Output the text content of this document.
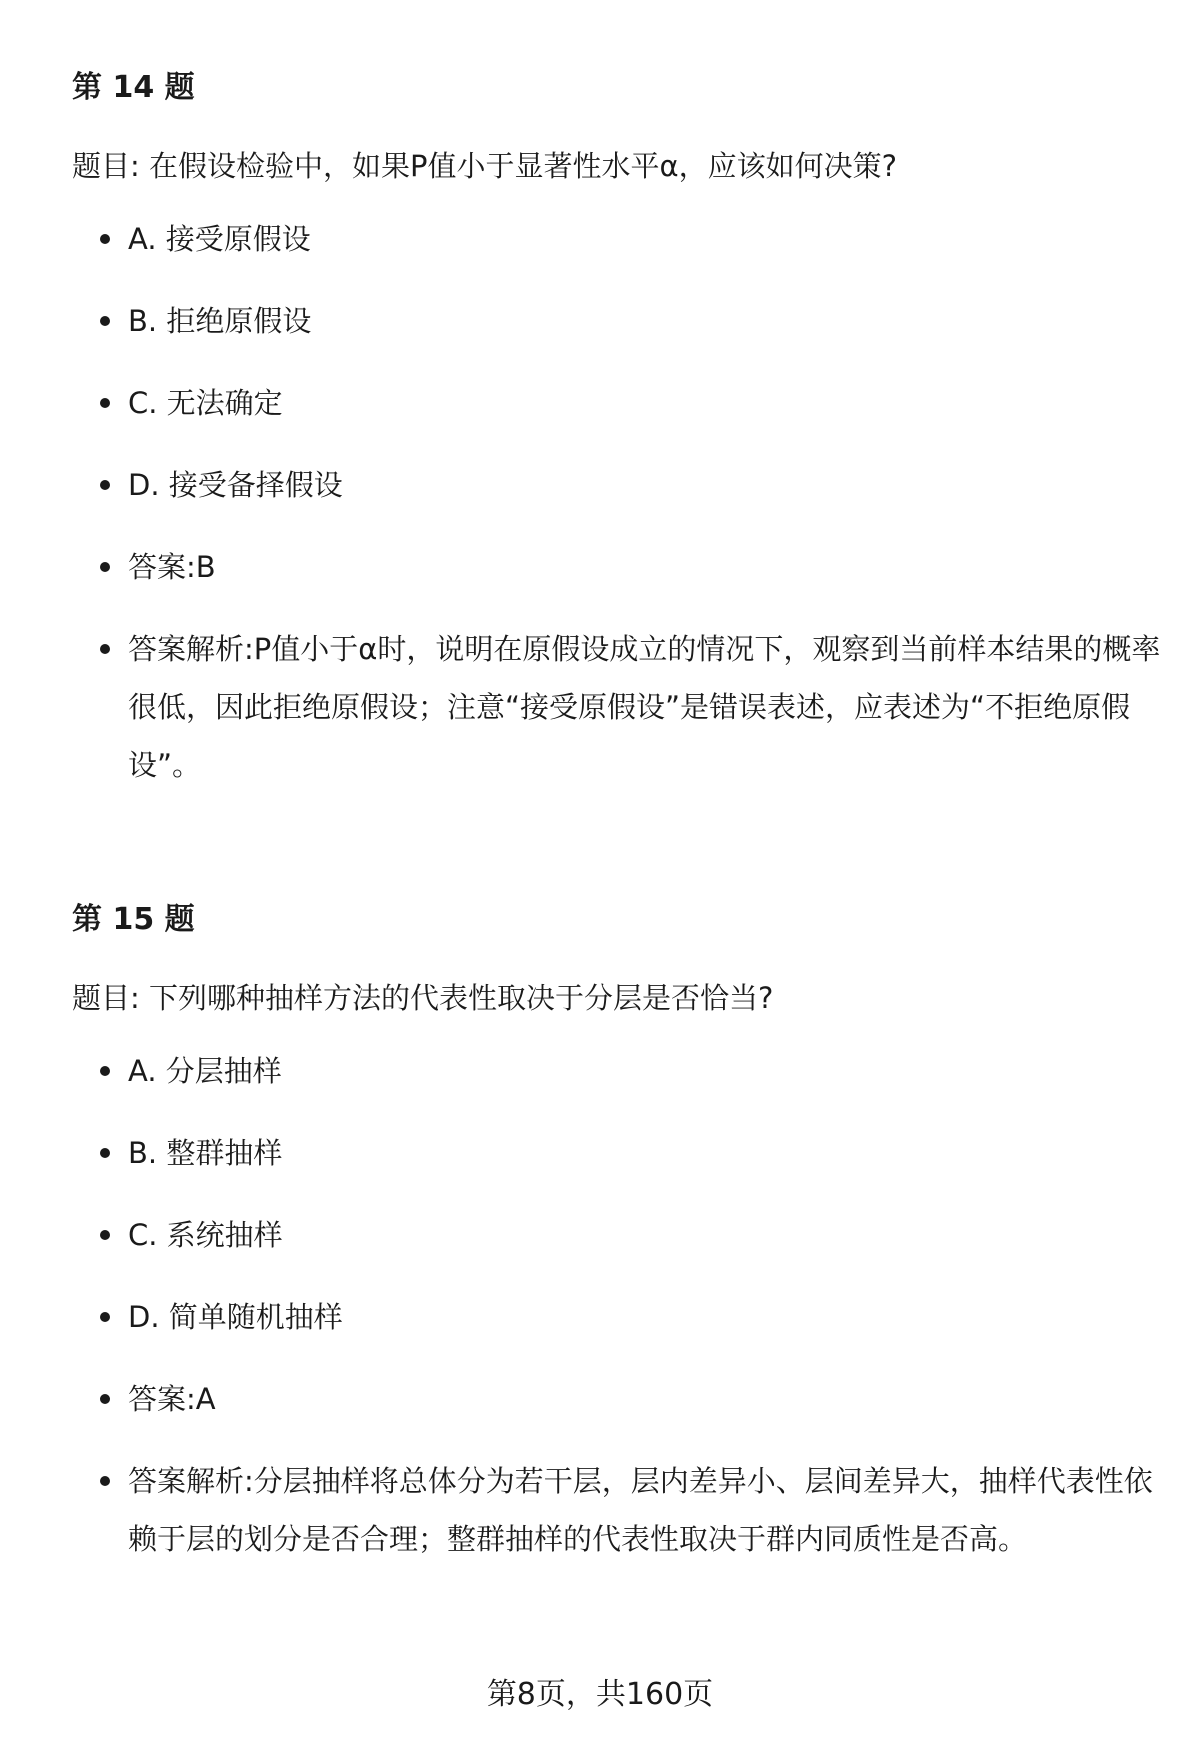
第 14 题

题目: 在假设检验中，如果P值小于显著性水平α，应该如何决策?

A. 接受原假设
B. 拒绝原假设
C. 无法确定
D. 接受备择假设
答案:B
答案解析:P值小于α时，说明在原假设成立的情况下，观察到当前样本结果的概率很低，因此拒绝原假设；注意“接受原假设”是错误表述，应表述为“不拒绝原假设”。
第 15 题

题目: 下列哪种抽样方法的代表性取决于分层是否恰当?

A. 分层抽样
B. 整群抽样
C. 系统抽样
D. 简单随机抽样
答案:A
答案解析:分层抽样将总体分为若干层，层内差异小、层间差异大，抽样代表性依赖于层的划分是否合理；整群抽样的代表性取决于群内同质性是否高。
第8页，共160页
